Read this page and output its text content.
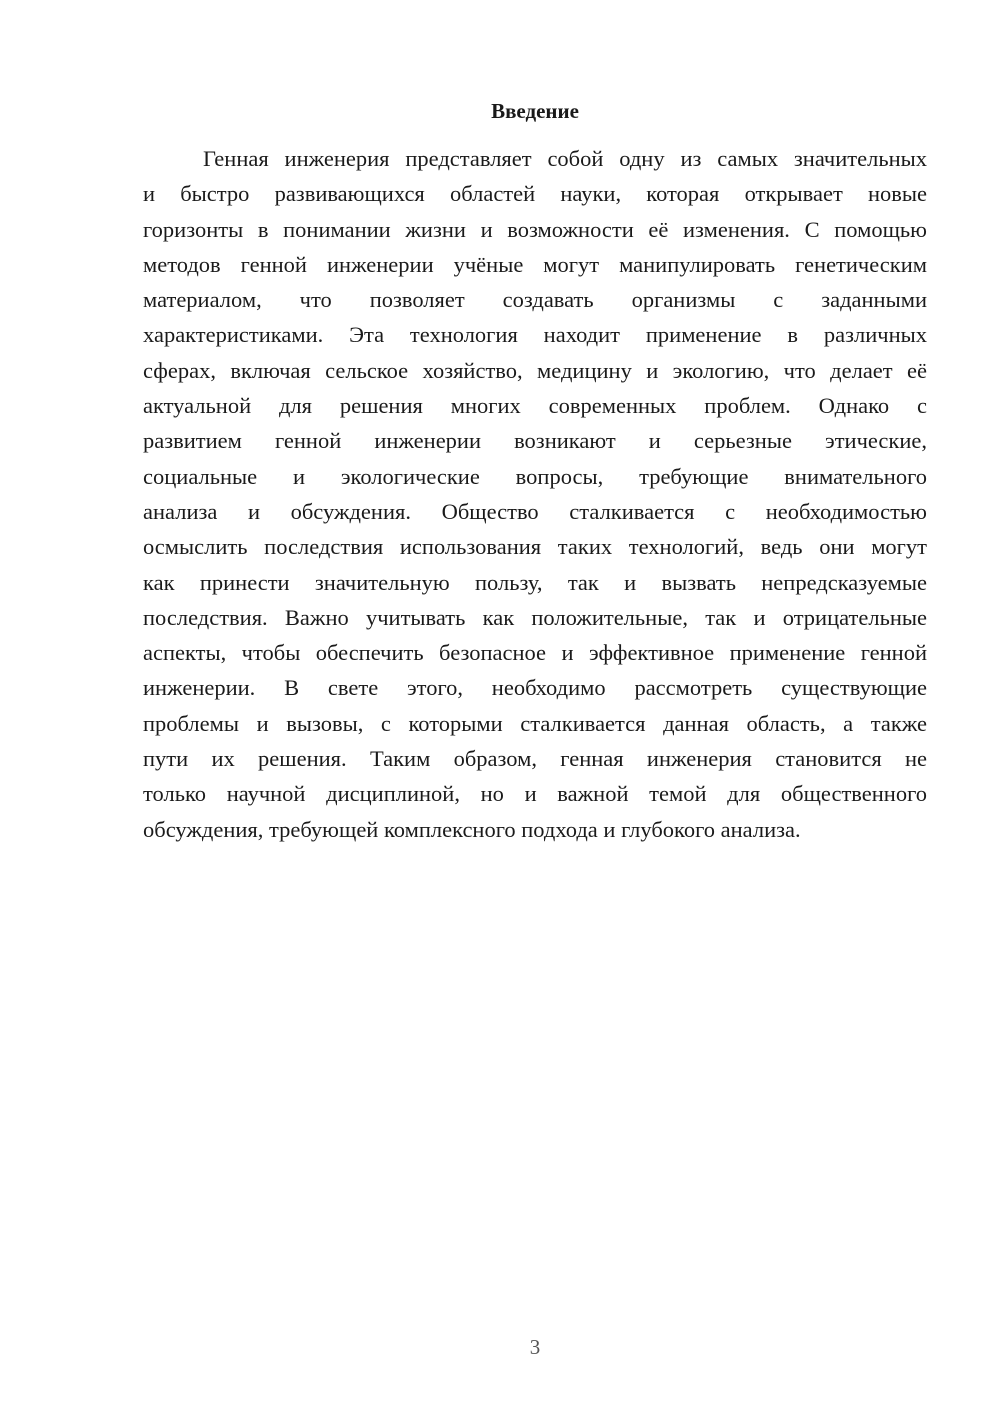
Введение
Генная инженерия представляет собой одну из самых значительных
и быстро развивающихся областей науки, которая открывает новые
горизонты в понимании жизни и возможности её изменения. С помощью
методов генной инженерии учёные могут манипулировать генетическим
материалом, что позволяет создавать организмы с заданными
характеристиками. Эта технология находит применение в различных
сферах, включая сельское хозяйство, медицину и экологию, что делает её
актуальной для решения многих современных проблем. Однако с
развитием генной инженерии возникают и серьезные этические,
социальные и экологические вопросы, требующие внимательного
анализа и обсуждения. Общество сталкивается с необходимостью
осмыслить последствия использования таких технологий, ведь они могут
как принести значительную пользу, так и вызвать непредсказуемые
последствия. Важно учитывать как положительные, так и отрицательные
аспекты, чтобы обеспечить безопасное и эффективное применение генной
инженерии. В свете этого, необходимо рассмотреть существующие
проблемы и вызовы, с которыми сталкивается данная область, а также
пути их решения. Таким образом, генная инженерия становится не
только научной дисциплиной, но и важной темой для общественного
обсуждения, требующей комплексного подхода и глубокого анализа.
3
